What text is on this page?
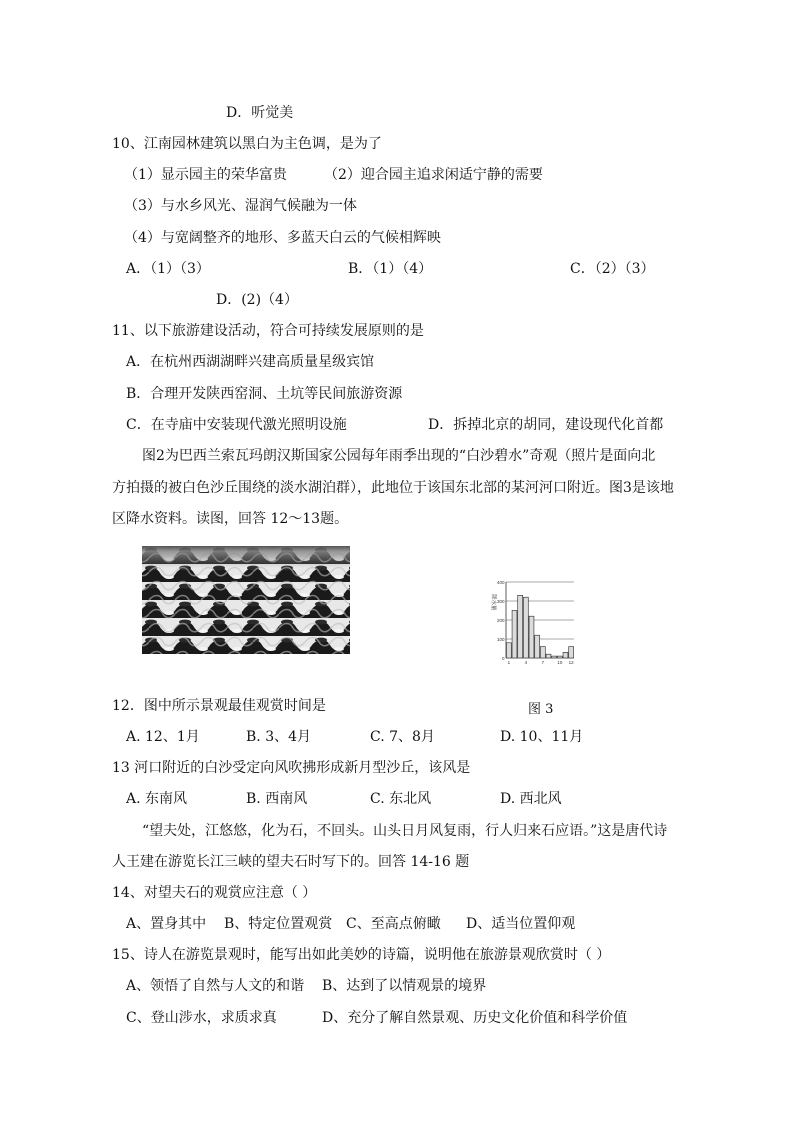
D．听觉美
10、江南园林建筑以黑白为主色调，是为了
（1）显示园主的荣华富贵	（2）迎合园主追求闲适宁静的需要
（3）与水乡风光、湿润气候融为一体
（4）与宽阔整齐的地形、多蓝天白云的气候相辉映
A．（1）（3）	B．（1）（4）	C．（2）（3）
D．(2)（4）
11、以下旅游建设活动，符合可持续发展原则的是
A．在杭州西湖湖畔兴建高质量星级宾馆
B．合理开发陕西窑洞、土坑等民间旅游资源
C．在寺庙中安装现代激光照明设施	D．拆掉北京的胡同，建设现代化首都
图2为巴西兰索瓦玛朗汉斯国家公园每年雨季出现的“白沙碧水”奇观（照片是面向北
方拍摄的被白色沙丘围绕的淡水湖泊群），此地位于该国东北部的某河河口附近。图3是该地
区降水资料。读图，回答 12～13题。
0
100
200
300
400
1	4	7	10 12
降水量
图 3
12．图中所示景观最佳观赏时间是
A. 12、1月	B. 3、4月	C. 7、8月	D. 10、11月
13 河口附近的白沙受定向风吹拂形成新月型沙丘，该风是
A. 东南风	B. 西南风	C. 东北风	D. 西北风
“望夫处，江悠悠，化为石，不回头。山头日月风复雨，行人归来石应语。”这是唐代诗
人王建在游览长江三峡的望夫石时写下的。回答 14-16 题
14、对望夫石的观赏应注意（ ）
A、置身其中 B、特定位置观赏 C、至高点俯瞰 D、适当位置仰观
15、诗人在游览景观时，能写出如此美妙的诗篇，说明他在旅游景观欣赏时（ ）
A、领悟了自然与人文的和谐 B、达到了以情观景的境界
C、登山涉水，求质求真	D、充分了解自然景观、历史文化价值和科学价值
